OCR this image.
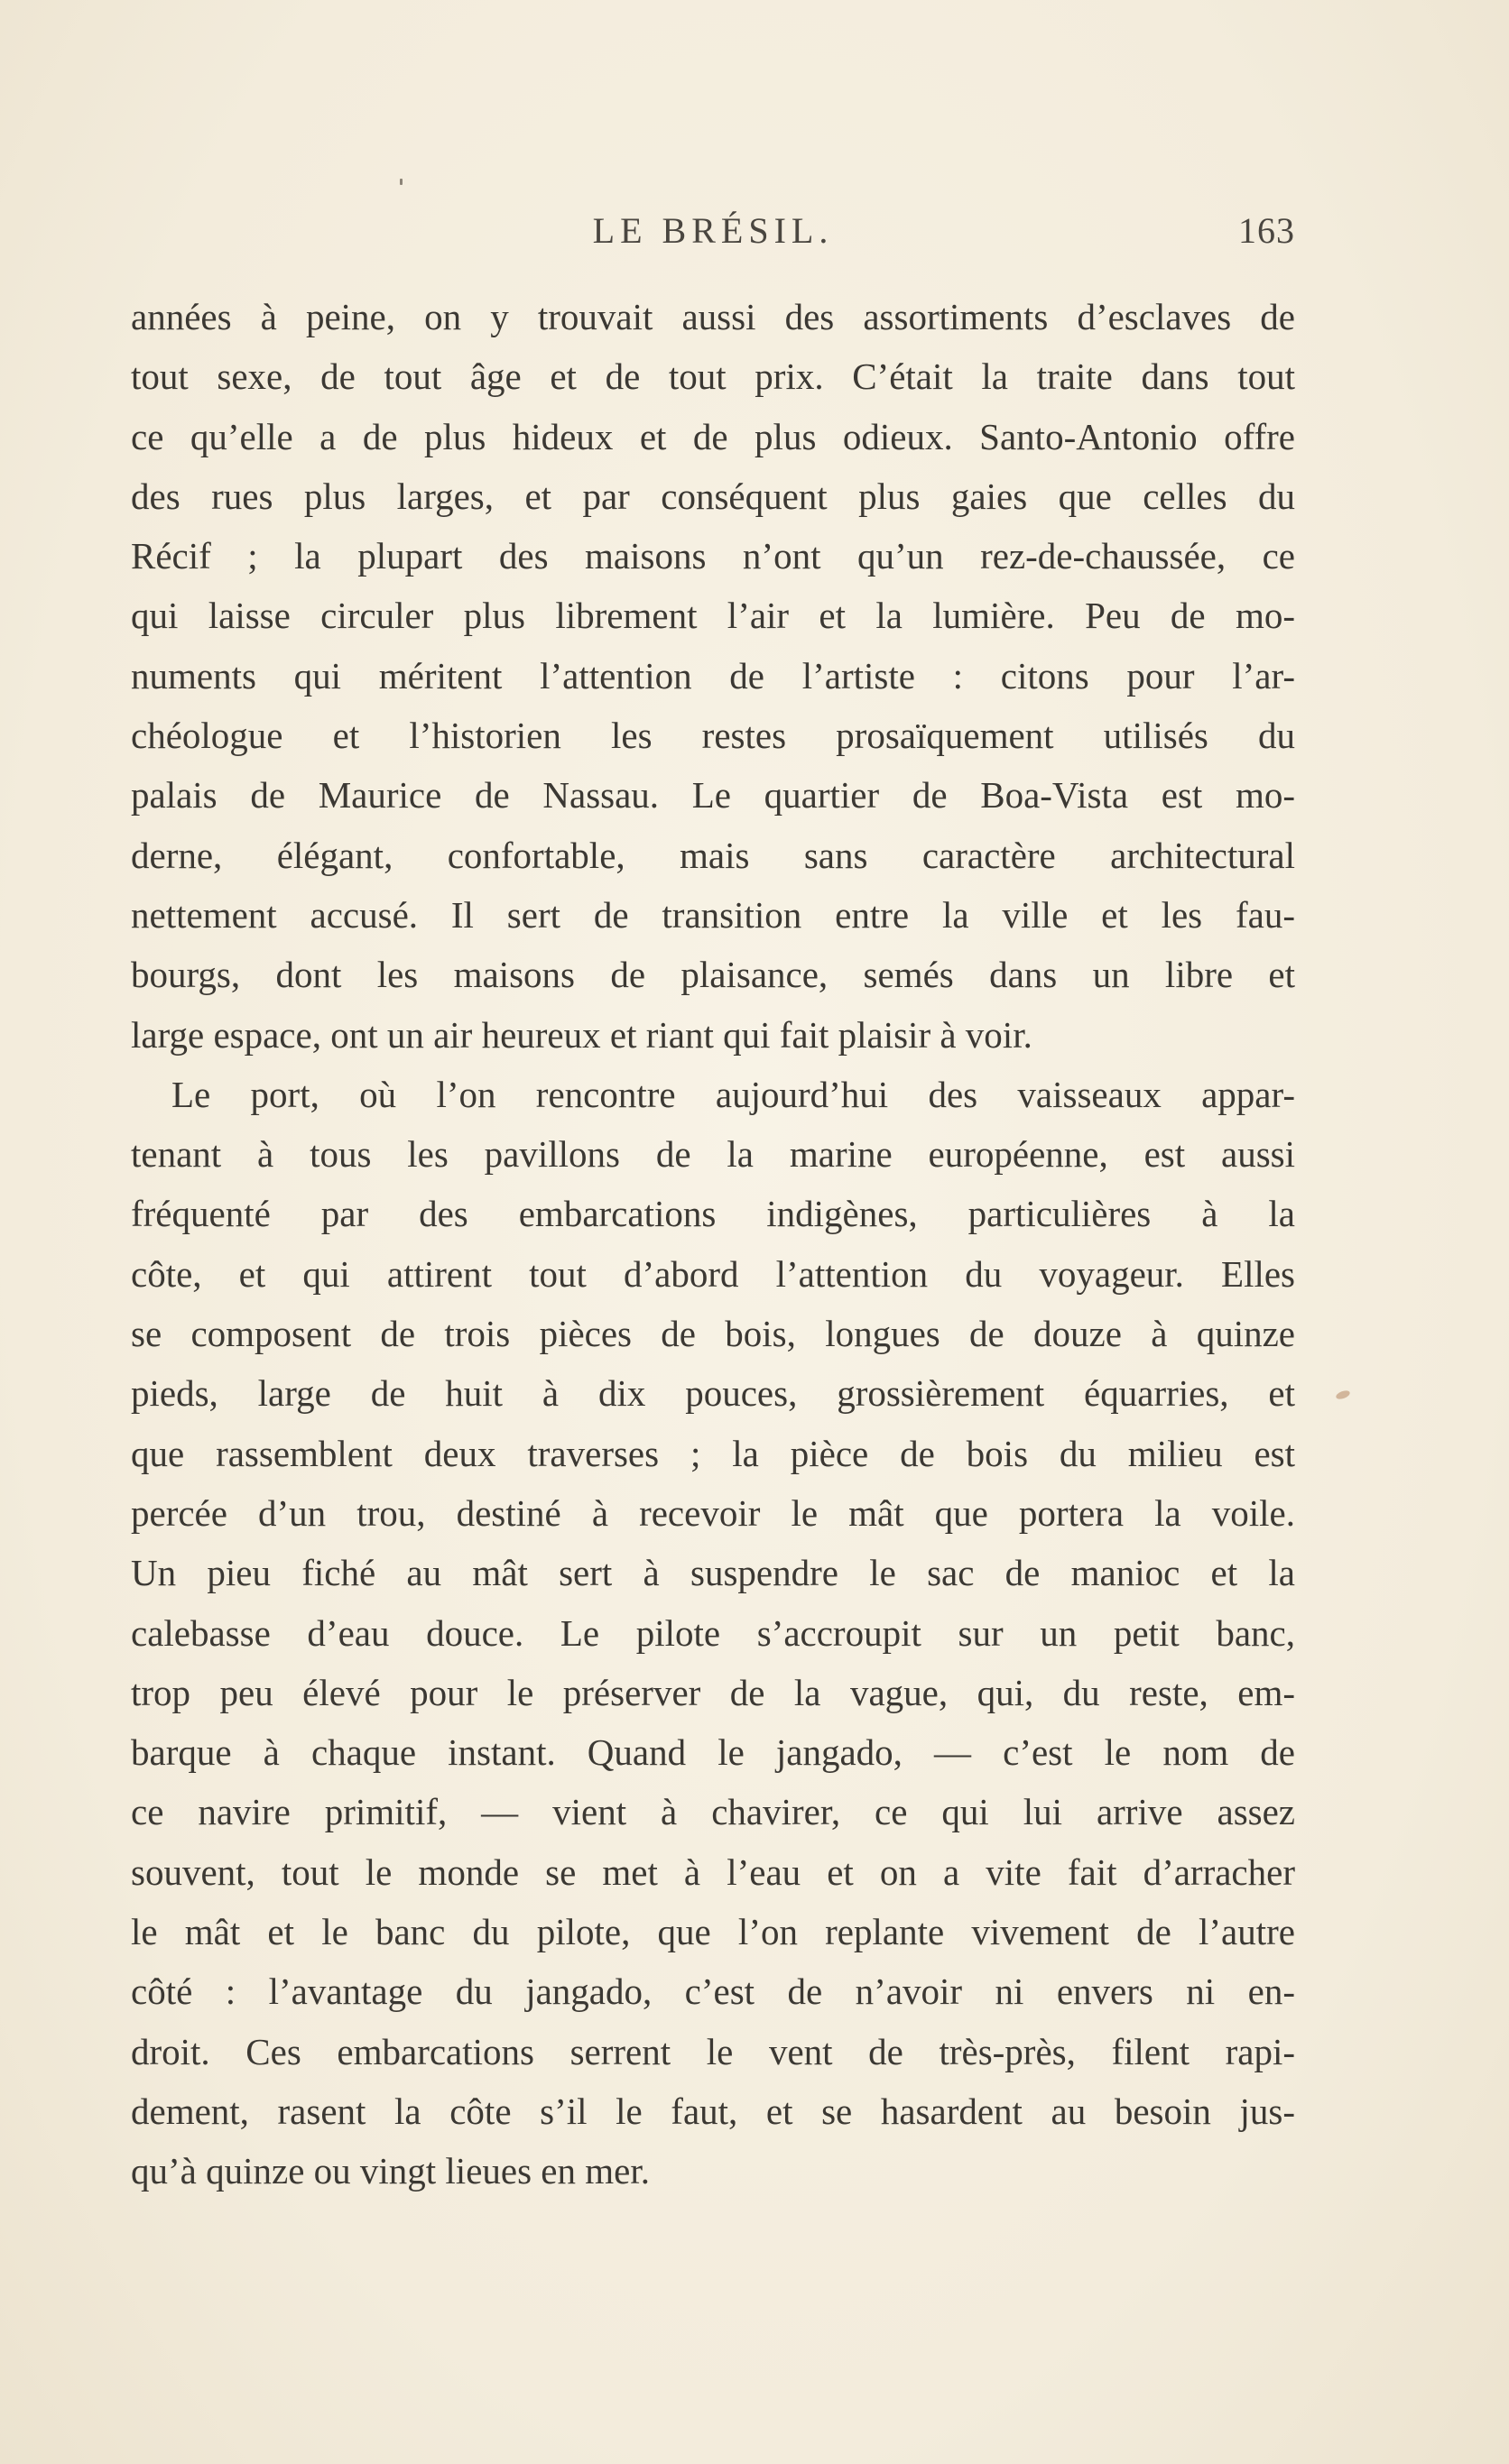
LE BRÉSIL.	163
années à peine, on y trouvait aussi des assortiments d’esclaves de
tout sexe, de tout âge et de tout prix. C’était la traite dans tout
ce qu’elle a de plus hideux et de plus odieux. Santo-Antonio offre
des rues plus larges, et par conséquent plus gaies que celles du
Récif ; la plupart des maisons n’ont qu’un rez-de-chaussée, ce
qui laisse circuler plus librement l’air et la lumière. Peu de mo-
numents qui méritent l’attention de l’artiste : citons pour l’ar-
chéologue et l’historien les restes prosaïquement utilisés du
palais de Maurice de Nassau. Le quartier de Boa-Vista est mo-
derne, élégant, confortable, mais sans caractère architectural
nettement accusé. Il sert de transition entre la ville et les fau-
bourgs, dont les maisons de plaisance, semés dans un libre et
large espace, ont un air heureux et riant qui fait plaisir à voir.
Le port, où l’on rencontre aujourd’hui des vaisseaux appar-
tenant à tous les pavillons de la marine européenne, est aussi
fréquenté par des embarcations indigènes, particulières à la
côte, et qui attirent tout d’abord l’attention du voyageur. Elles
se composent de trois pièces de bois, longues de douze à quinze
pieds, large de huit à dix pouces, grossièrement équarries, et
que rassemblent deux traverses ; la pièce de bois du milieu est
percée d’un trou, destiné à recevoir le mât que portera la voile.
Un pieu fiché au mât sert à suspendre le sac de manioc et la
calebasse d’eau douce. Le pilote s’accroupit sur un petit banc,
trop peu élevé pour le préserver de la vague, qui, du reste, em-
barque à chaque instant. Quand le jangado, — c’est le nom de
ce navire primitif, — vient à chavirer, ce qui lui arrive assez
souvent, tout le monde se met à l’eau et on a vite fait d’arracher
le mât et le banc du pilote, que l’on replante vivement de l’autre
côté : l’avantage du jangado, c’est de n’avoir ni envers ni en-
droit. Ces embarcations serrent le vent de très-près, filent rapi-
dement, rasent la côte s’il le faut, et se hasardent au besoin jus-
qu’à quinze ou vingt lieues en mer.
